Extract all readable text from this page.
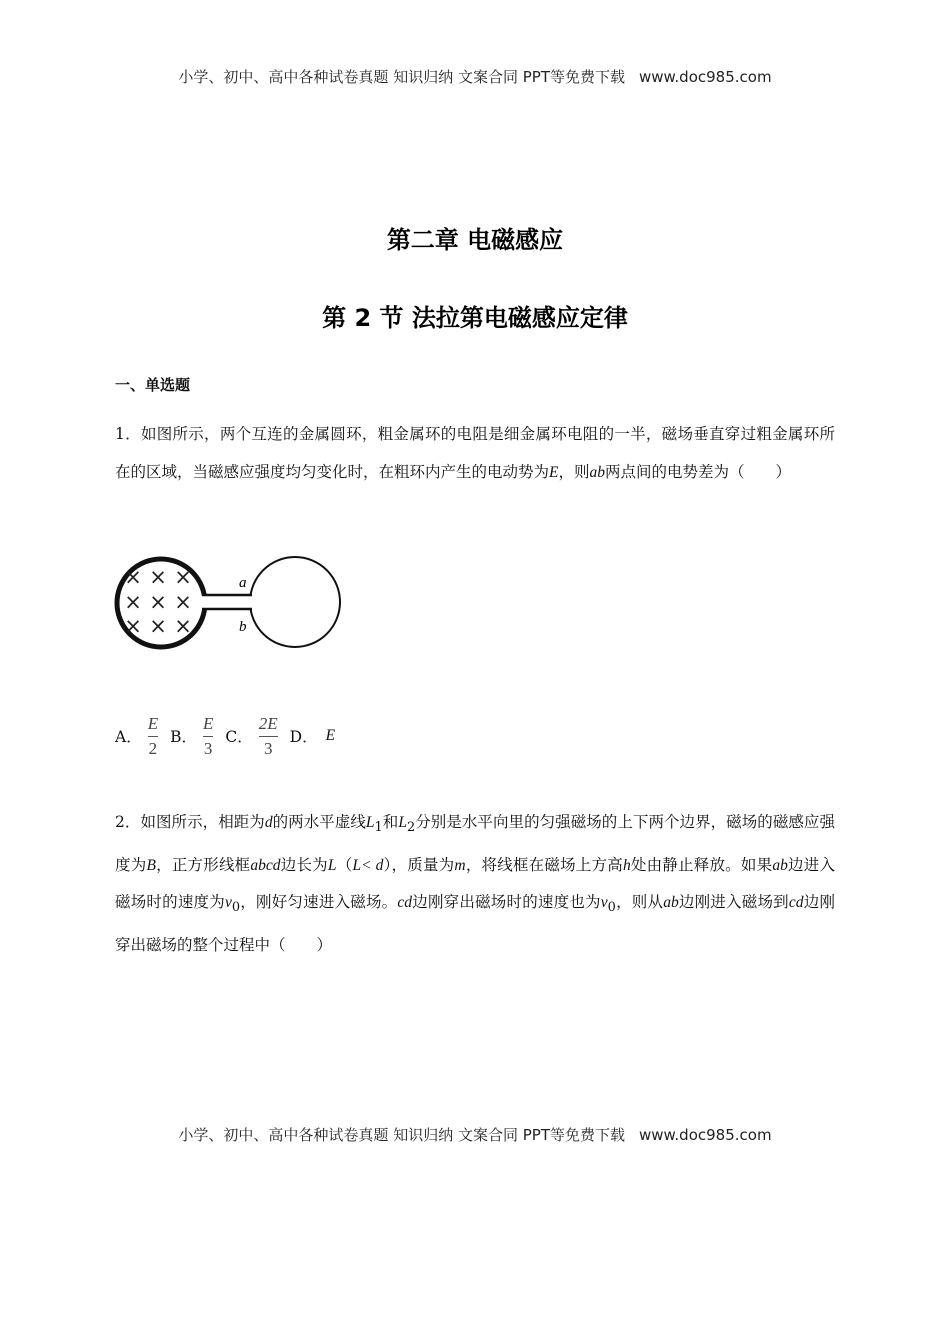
小学、初中、高中各种试卷真题 知识归纳 文案合同 PPT等免费下载 www.doc985.com
第二章 电磁感应
第 2 节 法拉第电磁感应定律
一、单选题
1．如图所示，两个互连的金属圆环，粗金属环的电阻是细金属环电阻的一半，磁场垂直穿过粗金属环所在的区域，当磁感应强度均匀变化时，在粗环内产生的电动势为E，则ab两点间的电势差为（　　）
a
b
× × ×
× × ×
× × ×
A． $\frac{E}{2}$ B． $\frac{E}{3}$ C． $\frac{2E}{3}$ D． E
2．如图所示，相距为d的两水平虚线$L_1$和$L_2$分别是水平向里的匀强磁场的上下两个边界，磁场的磁感应强度为B，正方形线框abcd边长为L（L< d），质量为m，将线框在磁场上方高h处由静止释放。如果ab边进入磁场时的速度为$v_0$，刚好匀速进入磁场。cd边刚穿出磁场时的速度也为$v_0$，则从ab边刚进入磁场到cd边刚穿出磁场的整个过程中（　　）
小学、初中、高中各种试卷真题 知识归纳 文案合同 PPT等免费下载 www.doc985.com
